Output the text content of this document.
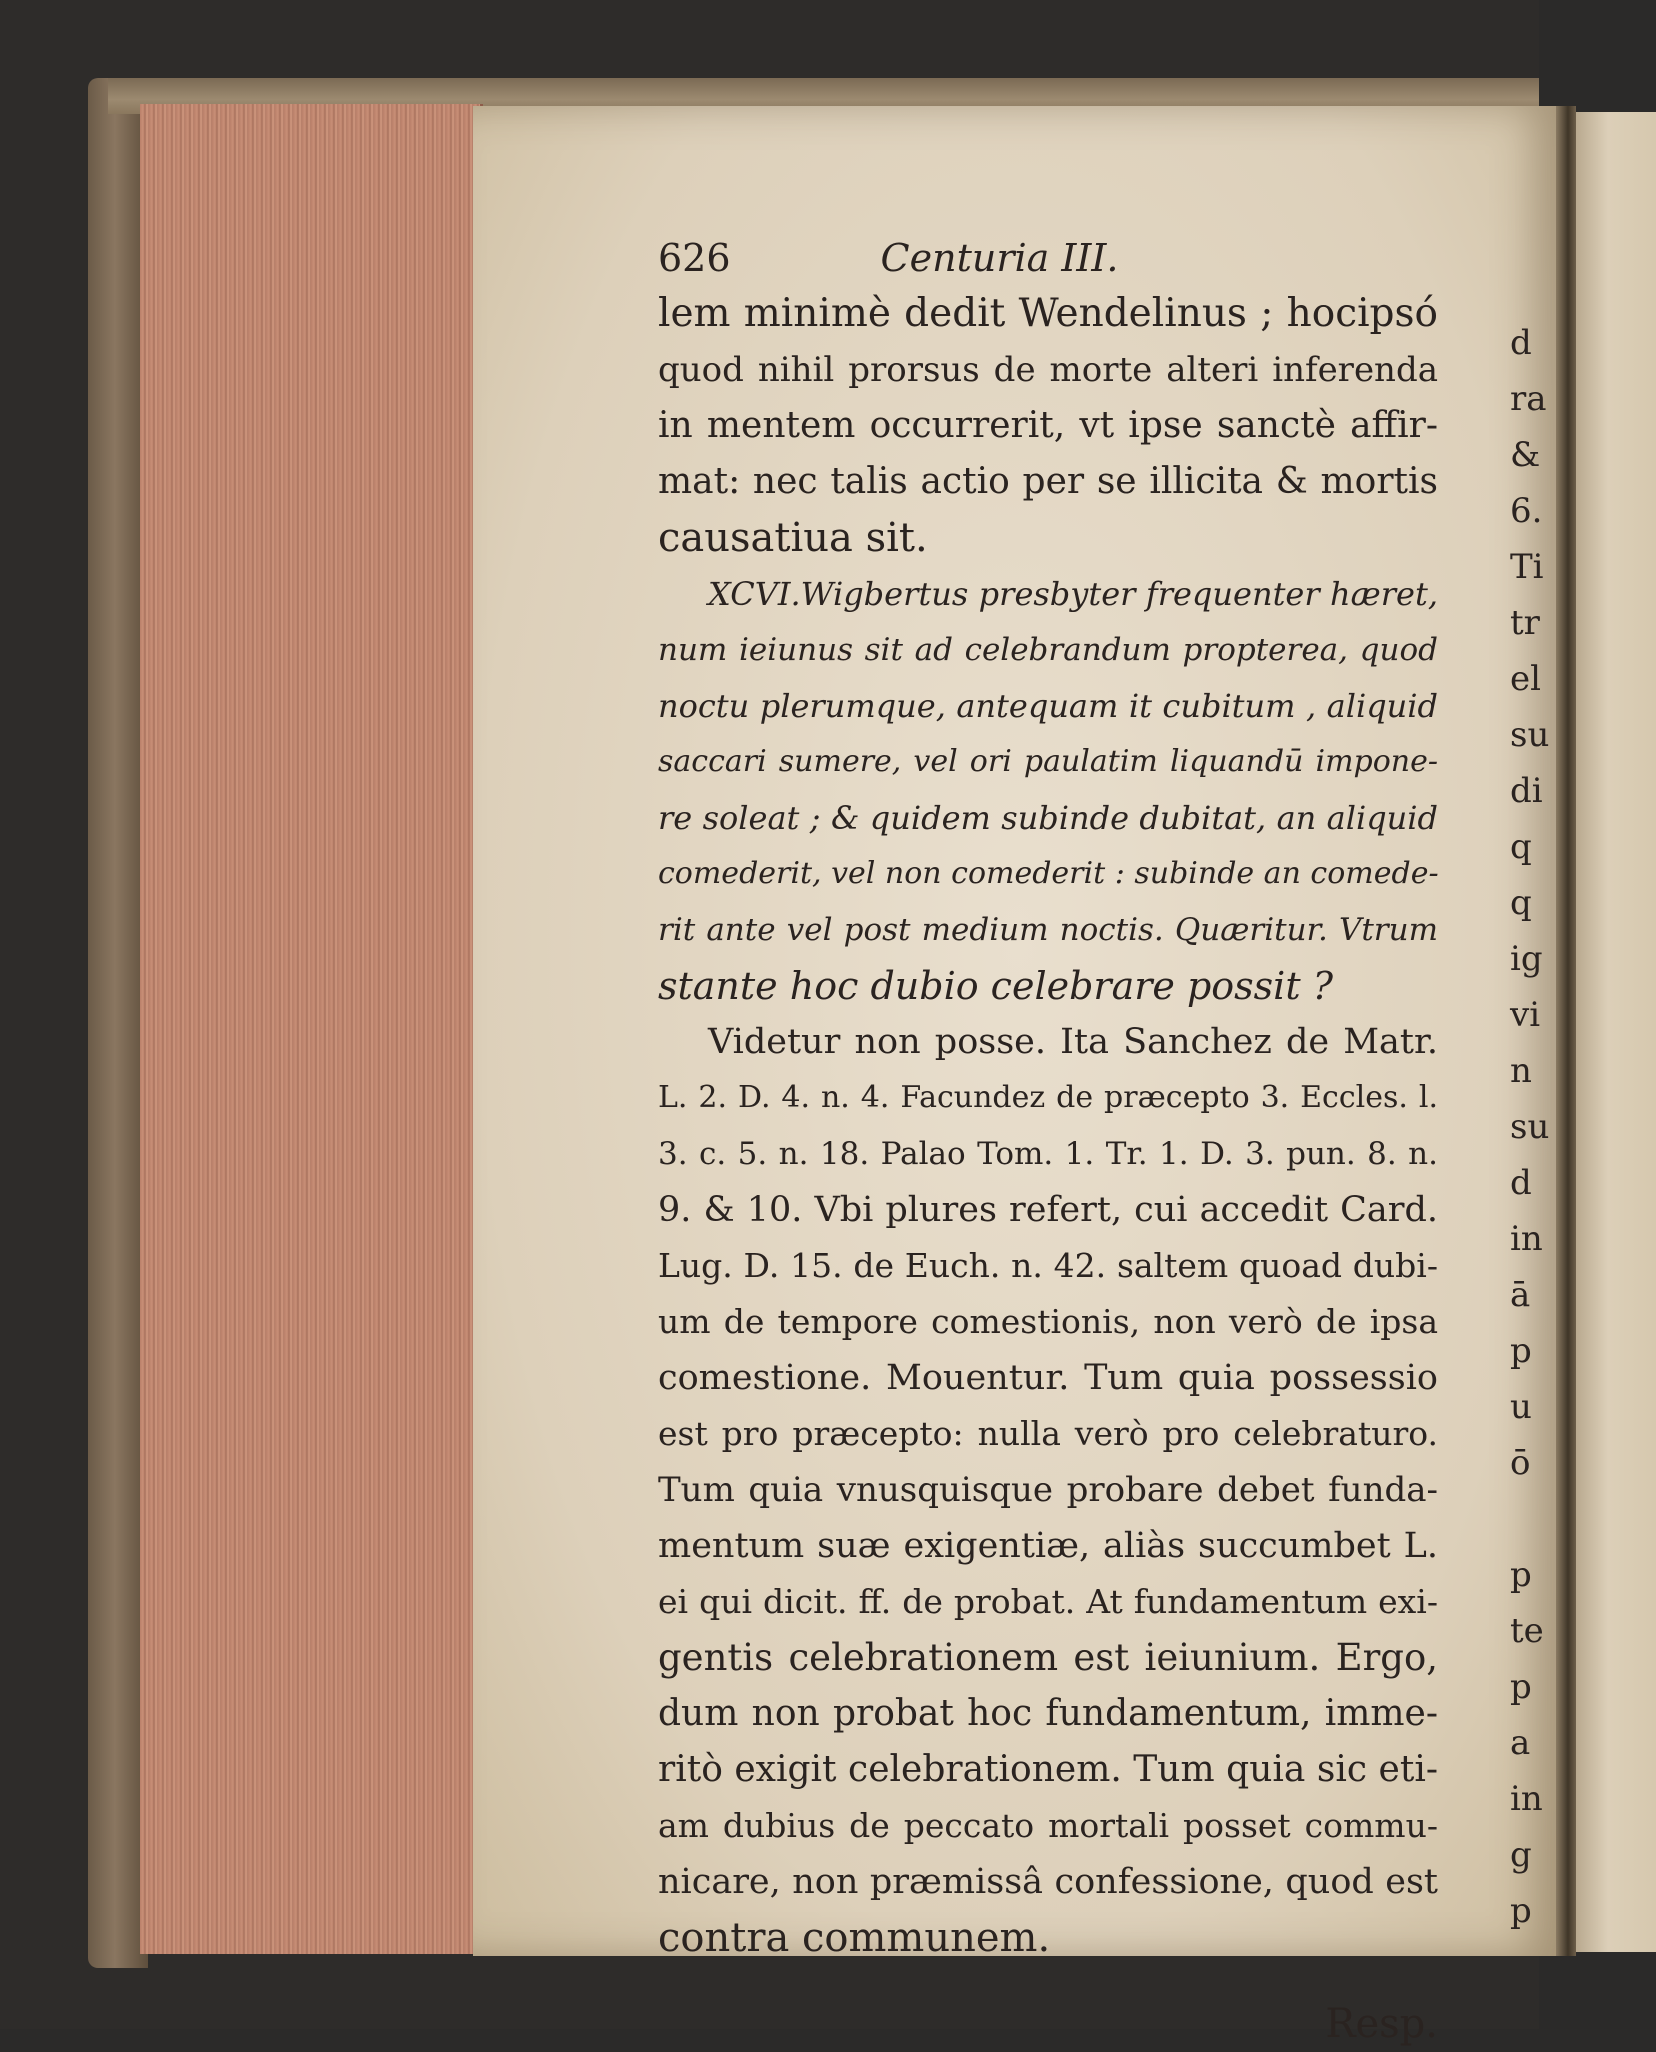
626	Centuria III.
lem minimè dedit Wendelinus ; hocipsó
quod nihil prorsus de morte alteri inferenda
in mentem occurrerit, vt ipse sanctè affir-
mat: nec talis actio per se illicita & mortis
causatiua sit.
XCVI.Wigbertus presbyter frequenter hæret,
num ieiunus sit ad celebrandum propterea, quod
noctu plerumque, antequam it cubitum , aliquid
saccari sumere, vel ori paulatim liquandū impone-
re soleat ; & quidem subinde dubitat, an aliquid
comederit, vel non comederit : subinde an comede-
rit ante vel post medium noctis. Quæritur. Vtrum
stante hoc dubio celebrare possit ?
Videtur non posse. Ita Sanchez de Matr.
L. 2. D. 4. n. 4. Facundez de præcepto 3. Eccles. l.
3. c. 5. n. 18. Palao Tom. 1. Tr. 1. D. 3. pun. 8. n.
9. & 10. Vbi plures refert, cui accedit Card.
Lug. D. 15. de Euch. n. 42. saltem quoad dubi-
um de tempore comestionis, non verò de ipsa
comestione. Mouentur. Tum quia possessio
est pro præcepto: nulla verò pro celebraturo.
Tum quia vnusquisque probare debet funda-
mentum suæ exigentiæ, aliàs succumbet L.
ei qui dicit. ff. de probat. At fundamentum exi-
gentis celebrationem est ieiunium. Ergo,
dum non probat hoc fundamentum, imme-
ritò exigit celebrationem. Tum quia sic eti-
am dubius de peccato mortali posset commu-
nicare, non præmissâ confessione, quod est
contra communem.
Resp.
d
ra
&
6.
Ti
tr
el
su
di
q
q
ig
vi
n
su
d
in
ā
p
u
ō
p
te
p
a
in
g
p
